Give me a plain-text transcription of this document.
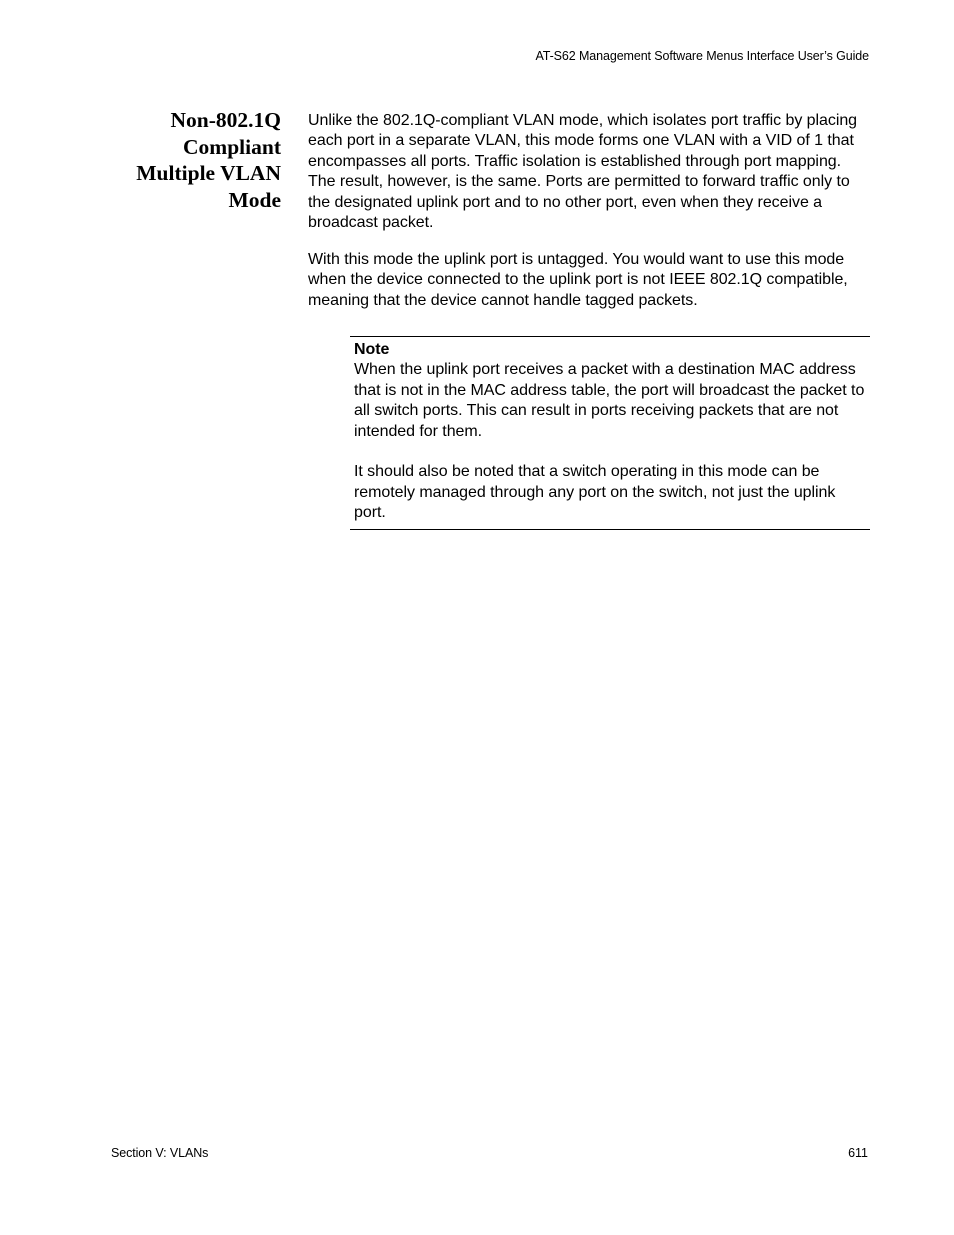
AT-S62 Management Software Menus Interface User’s Guide
Non-802.1Q
Compliant
Multiple VLAN
Mode

Unlike the 802.1Q-compliant VLAN mode, which isolates port traffic by placing each port in a separate VLAN, this mode forms one VLAN with a VID of 1 that encompasses all ports. Traffic isolation is established through port mapping. The result, however, is the same. Ports are permitted to forward traffic only to the designated uplink port and to no other port, even when they receive a broadcast packet.

With this mode the uplink port is untagged. You would want to use this mode when the device connected to the uplink port is not IEEE 802.1Q compatible, meaning that the device cannot handle tagged packets.

Note

When the uplink port receives a packet with a destination MAC address that is not in the MAC address table, the port will broadcast the packet to all switch ports. This can result in ports receiving packets that are not intended for them.

It should also be noted that a switch operating in this mode can be remotely managed through any port on the switch, not just the uplink port.

Section V: VLANs	611
